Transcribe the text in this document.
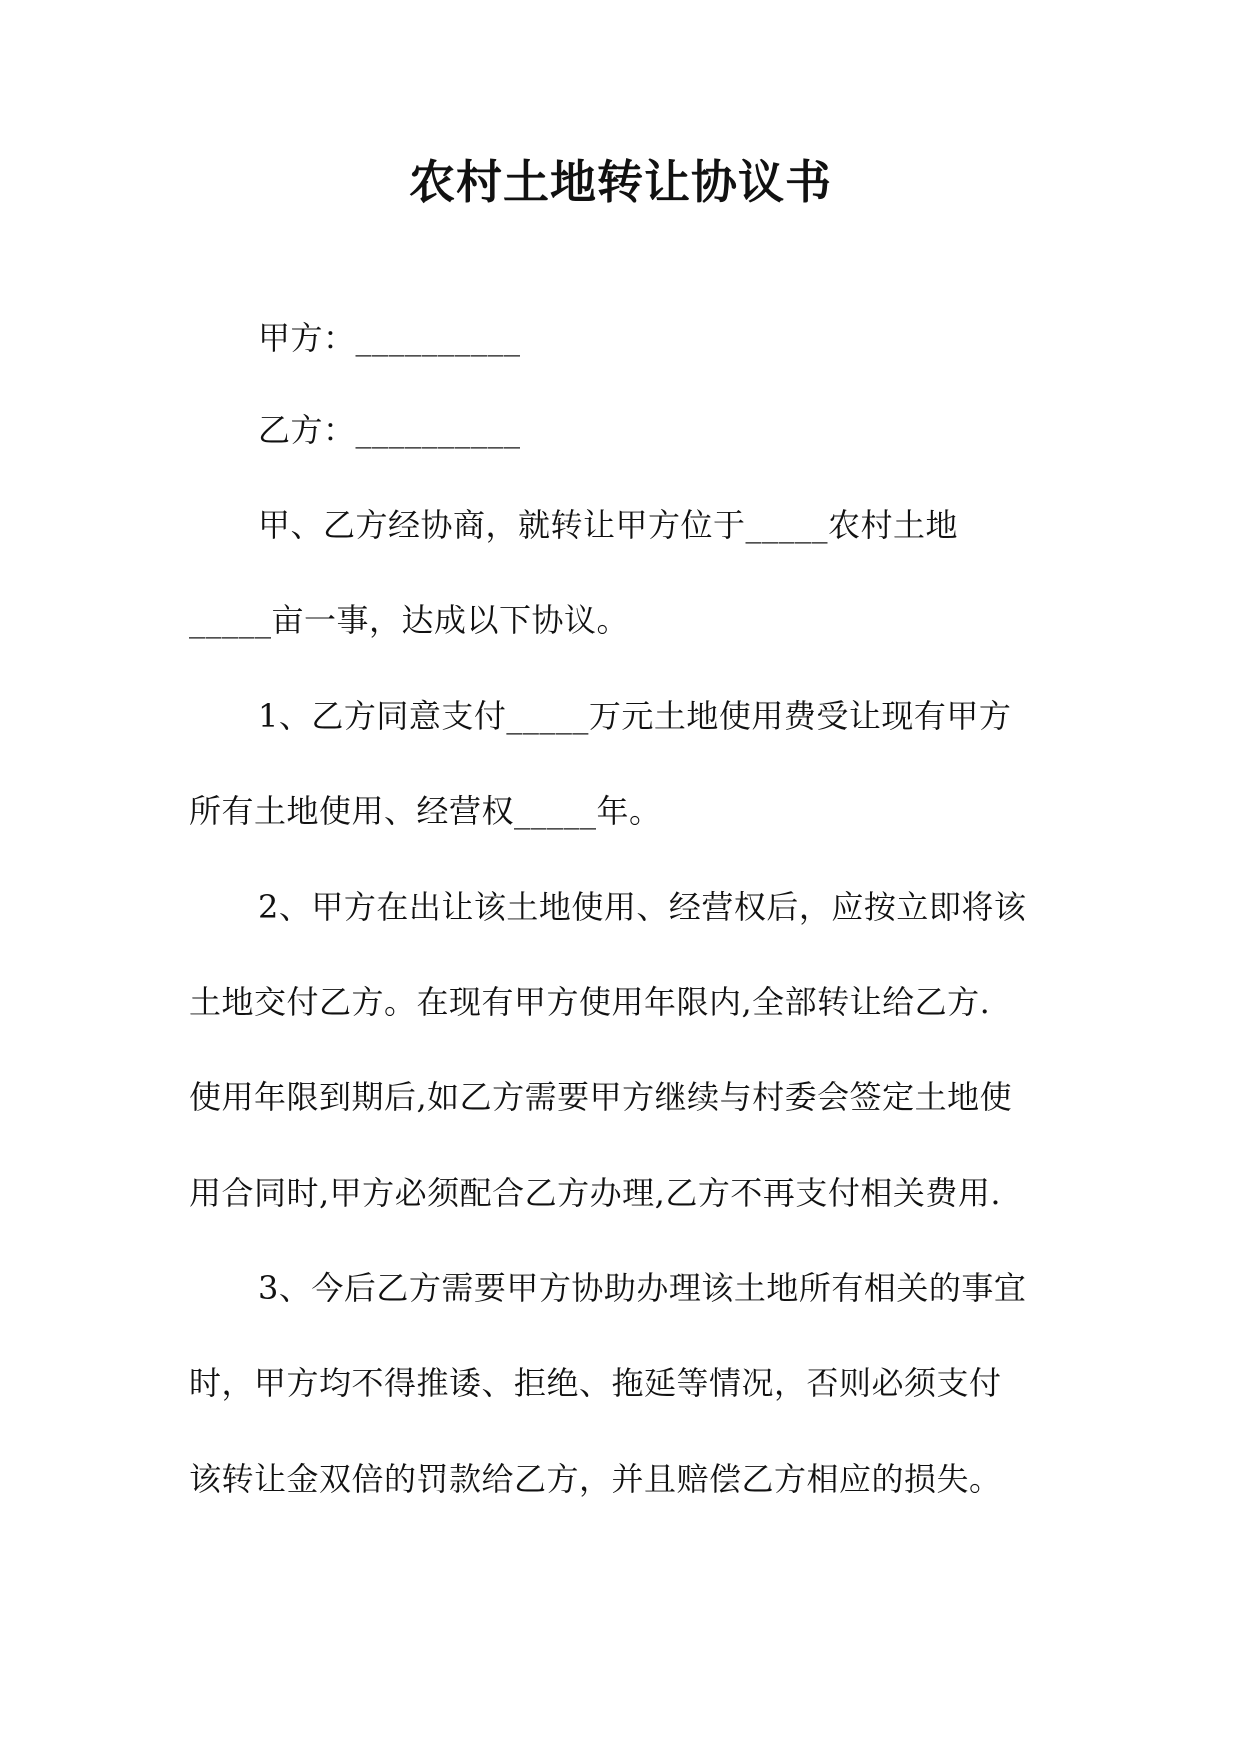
农村土地转让协议书
甲方：__________
乙方：__________
甲、乙方经协商，就转让甲方位于_____农村土地
_____亩一事，达成以下协议。
1、乙方同意支付_____万元土地使用费受让现有甲方
所有土地使用、经营权_____年。
2、甲方在出让该土地使用、经营权后，应按立即将该
土地交付乙方。在现有甲方使用年限内,全部转让给乙方.
使用年限到期后,如乙方需要甲方继续与村委会签定土地使
用合同时,甲方必须配合乙方办理,乙方不再支付相关费用.
3、今后乙方需要甲方协助办理该土地所有相关的事宜
时，甲方均不得推诿、拒绝、拖延等情况，否则必须支付
该转让金双倍的罚款给乙方，并且赔偿乙方相应的损失。
